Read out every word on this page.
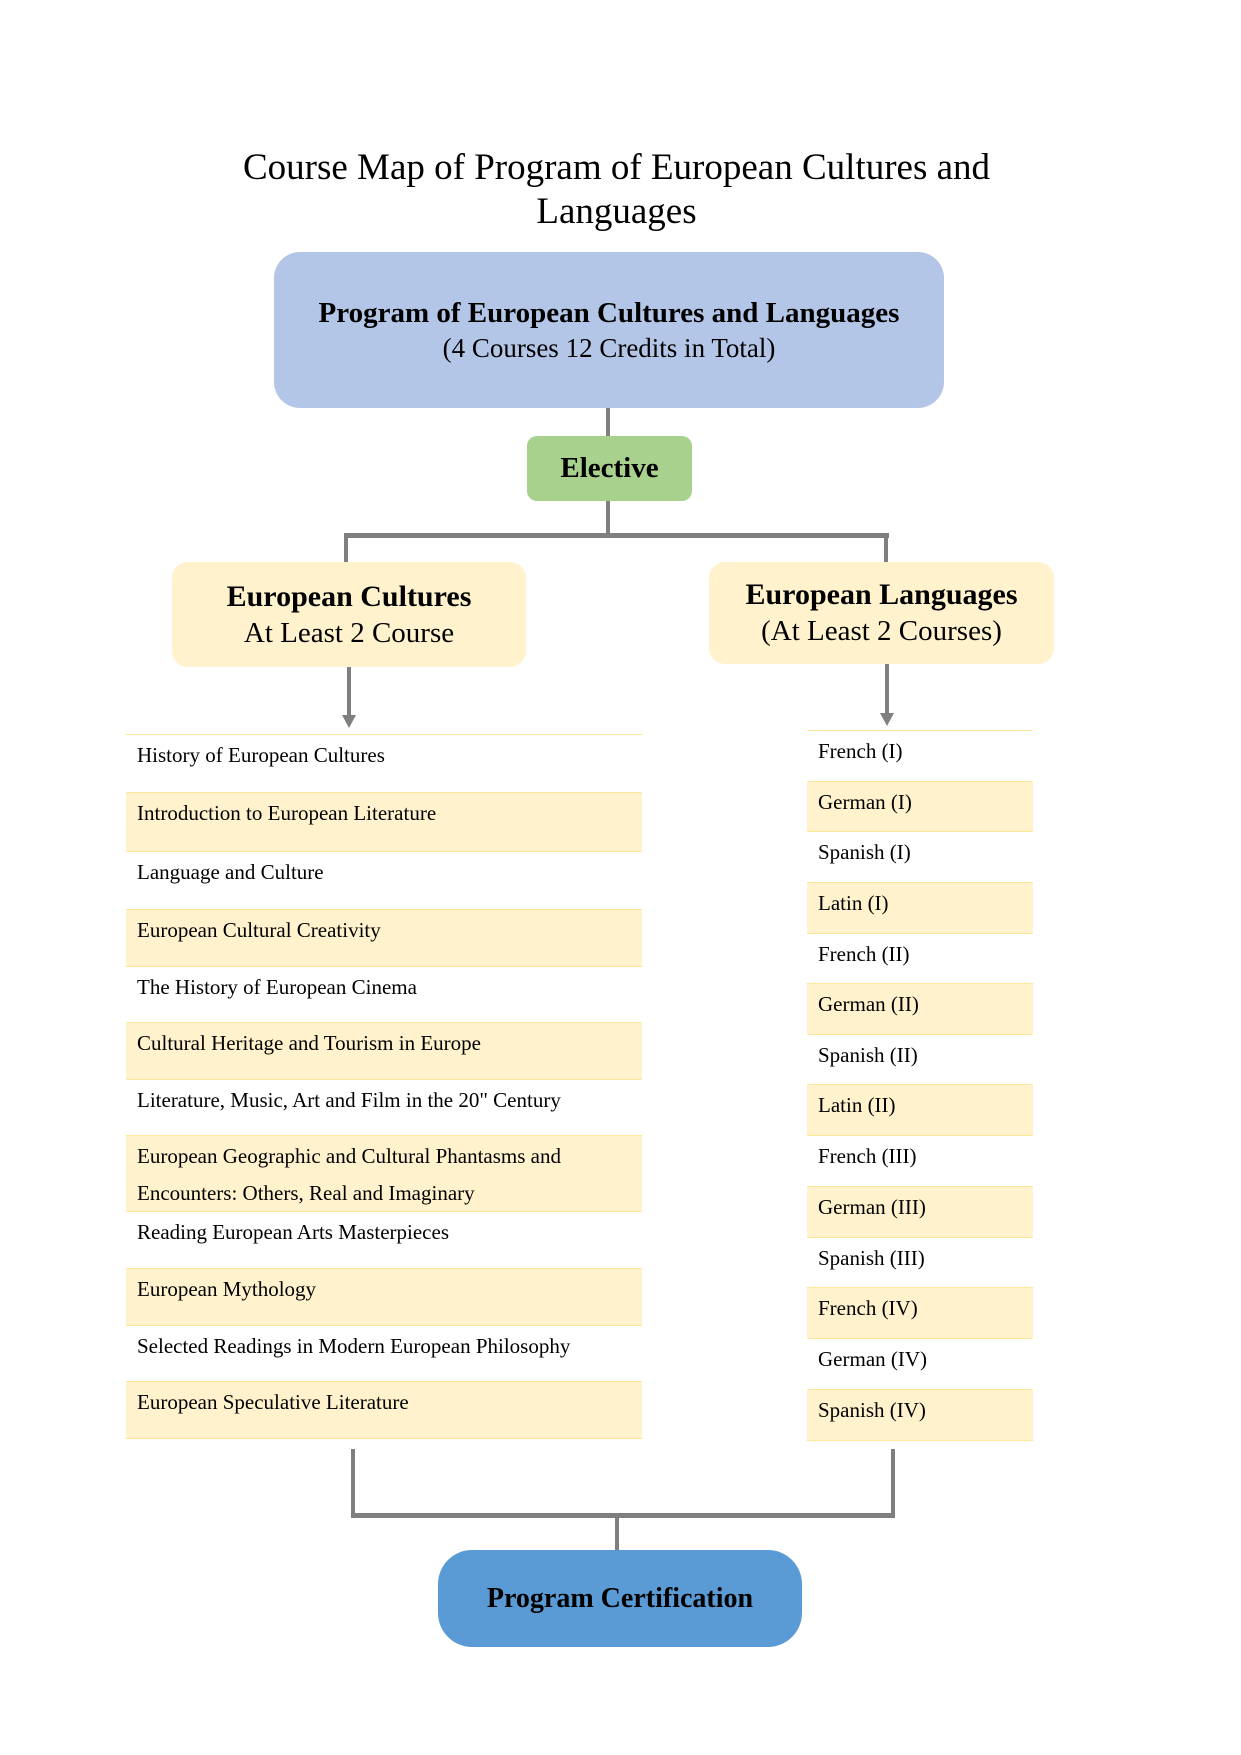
Course Map of Program of European Cultures and
Languages
Program of European Cultures and Languages
(4 Courses 12 Credits in Total)
Elective
European Cultures
At Least 2 Course
European Languages
(At Least 2 Courses)
History of European Cultures
Introduction to European Literature
Language and Culture
European Cultural Creativity
The History of European Cinema
Cultural Heritage and Tourism in Europe
Literature, Music, Art and Film in the 20" Century
European Geographic and Cultural Phantasms and Encounters: Others, Real and Imaginary
Reading European Arts Masterpieces
European Mythology
Selected Readings in Modern European Philosophy
European Speculative Literature
French (I)
German (I)
Spanish (I)
Latin (I)
French (II)
German (II)
Spanish (II)
Latin (II)
French (III)
German (III)
Spanish (III)
French (IV)
German (IV)
Spanish (IV)
Program Certification
